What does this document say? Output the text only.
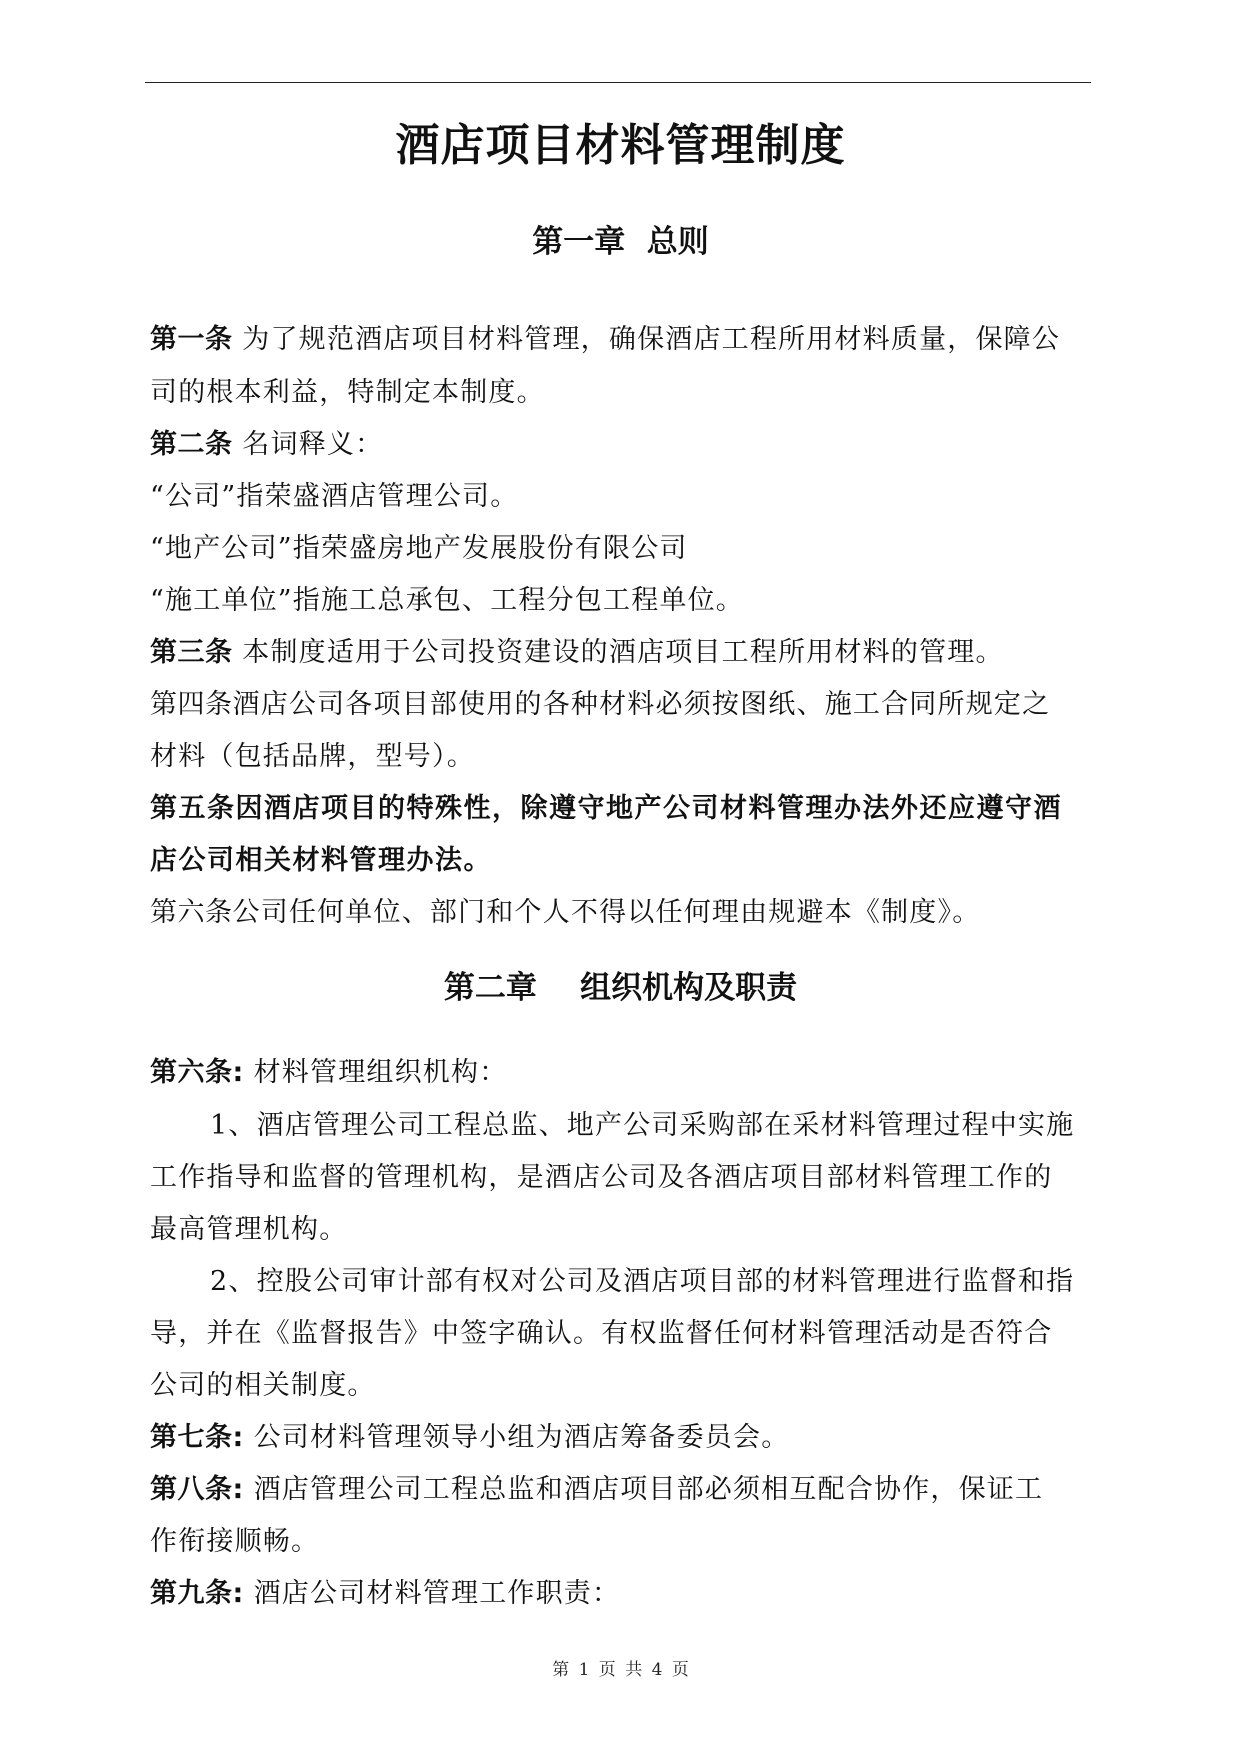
酒店项目材料管理制度
第一章  总则
第一条 为了规范酒店项目材料管理，确保酒店工程所用材料质量，保障公
司的根本利益，特制定本制度。
第二条 名词释义：
“公司”指荣盛酒店管理公司。
“地产公司”指荣盛房地产发展股份有限公司
“施工单位”指施工总承包、工程分包工程单位。
第三条 本制度适用于公司投资建设的酒店项目工程所用材料的管理。
第四条酒店公司各项目部使用的各种材料必须按图纸、施工合同所规定之
材料（包括品牌，型号）。
第五条因酒店项目的特殊性，除遵守地产公司材料管理办法外还应遵守酒
店公司相关材料管理办法。
第六条公司任何单位、部门和个人不得以任何理由规避本《制度》。
第二章    组织机构及职责
第六条: 材料管理组织机构：
1、酒店管理公司工程总监、地产公司采购部在采材料管理过程中实施
工作指导和监督的管理机构，是酒店公司及各酒店项目部材料管理工作的
最高管理机构。
2、控股公司审计部有权对公司及酒店项目部的材料管理进行监督和指
导，并在《监督报告》中签字确认。有权监督任何材料管理活动是否符合
公司的相关制度。
第七条: 公司材料管理领导小组为酒店筹备委员会。
第八条: 酒店管理公司工程总监和酒店项目部必须相互配合协作，保证工
作衔接顺畅。
第九条: 酒店公司材料管理工作职责：
第 1 页 共 4 页
